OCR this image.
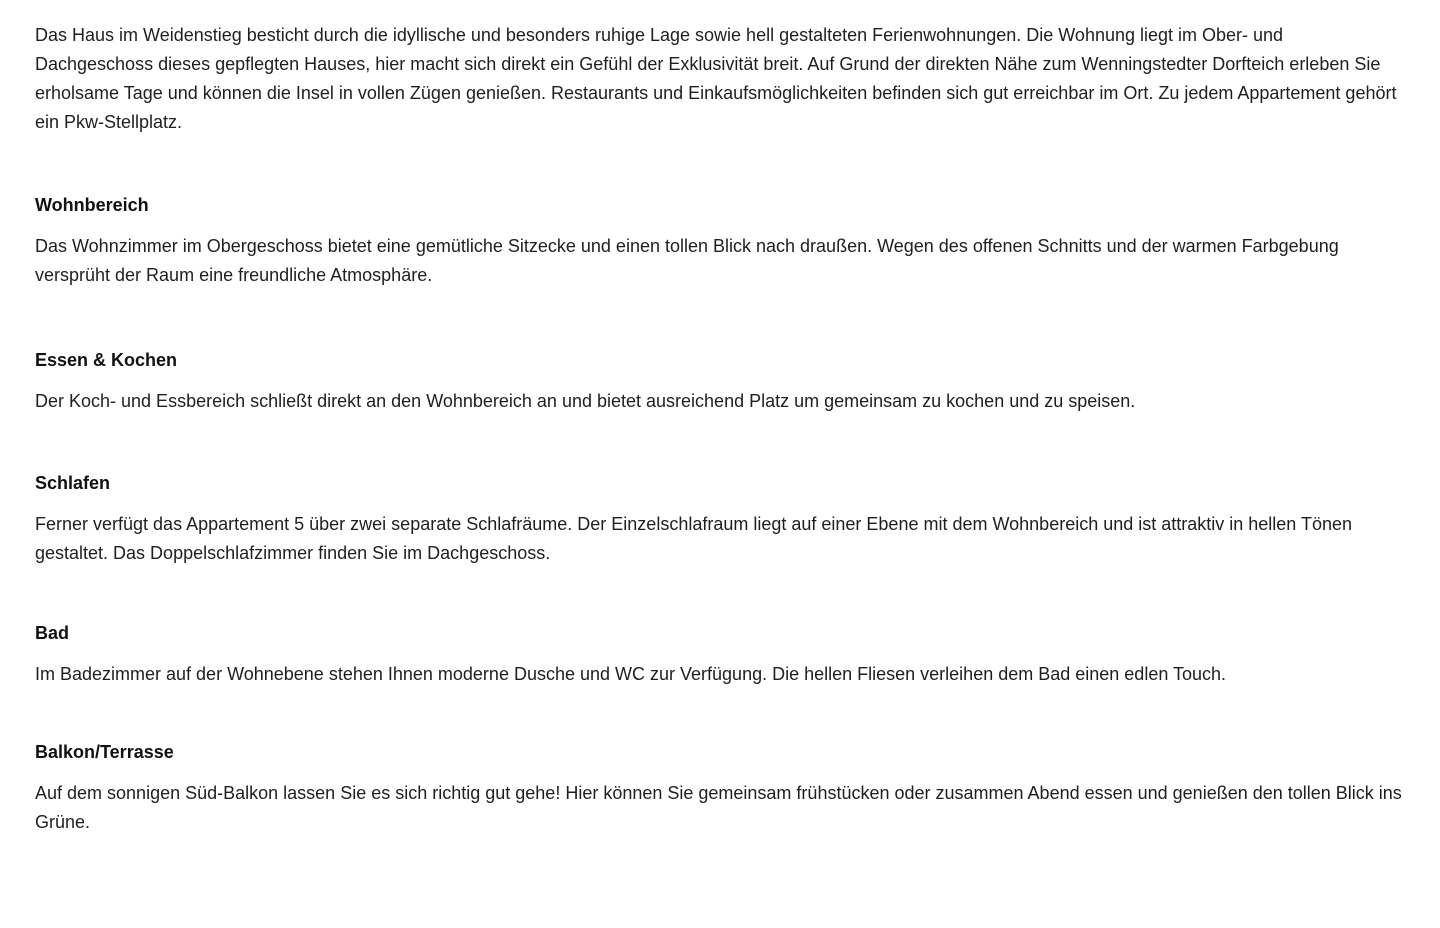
Das Haus im Weidenstieg besticht durch die idyllische und besonders ruhige Lage sowie hell gestalteten Ferienwohnungen. Die Wohnung liegt im Ober- und Dachgeschoss dieses gepflegten Hauses, hier macht sich direkt ein Gefühl der Exklusivität breit. Auf Grund der direkten Nähe zum Wenningstedter Dorfteich erleben Sie erholsame Tage und können die Insel in vollen Zügen genießen. Restaurants und Einkaufsmöglichkeiten befinden sich gut erreichbar im Ort. Zu jedem Appartement gehört ein Pkw-Stellplatz.

Wohnbereich

Das Wohnzimmer im Obergeschoss bietet eine gemütliche Sitzecke und einen tollen Blick nach draußen. Wegen des offenen Schnitts und der warmen Farbgebung versprüht der Raum eine freundliche Atmosphäre.

Essen & Kochen

Der Koch- und Essbereich schließt direkt an den Wohnbereich an und bietet ausreichend Platz um gemeinsam zu kochen und zu speisen.

Schlafen

Ferner verfügt das Appartement 5 über zwei separate Schlafräume. Der Einzelschlafraum liegt auf einer Ebene mit dem Wohnbereich und ist attraktiv in hellen Tönen gestaltet. Das Doppelschlafzimmer finden Sie im Dachgeschoss.

Bad

Im Badezimmer auf der Wohnebene stehen Ihnen moderne Dusche und WC zur Verfügung. Die hellen Fliesen verleihen dem Bad einen edlen Touch.

Balkon/Terrasse

Auf dem sonnigen Süd-Balkon lassen Sie es sich richtig gut gehe! Hier können Sie gemeinsam frühstücken oder zusammen Abend essen und genießen den tollen Blick ins Grüne.
